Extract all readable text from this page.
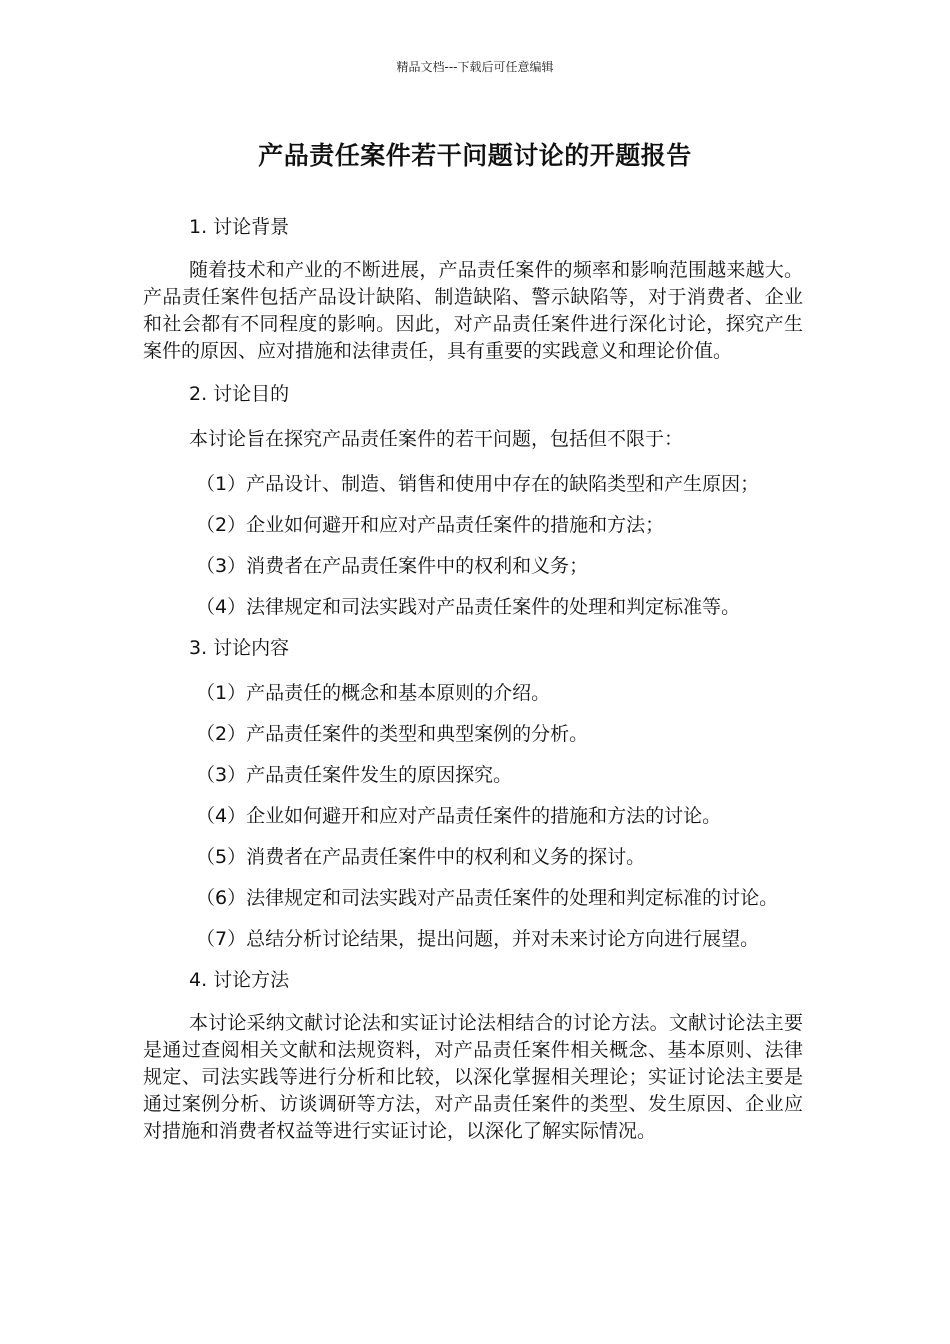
精品文档---下载后可任意编辑
产品责任案件若干问题讨论的开题报告
1. 讨论背景
随着技术和产业的不断进展，产品责任案件的频率和影响范围越来越大。产品责任案件包括产品设计缺陷、制造缺陷、警示缺陷等，对于消费者、企业和社会都有不同程度的影响。因此，对产品责任案件进行深化讨论，探究产生案件的原因、应对措施和法律责任，具有重要的实践意义和理论价值。
2. 讨论目的
本讨论旨在探究产品责任案件的若干问题，包括但不限于：
（1）产品设计、制造、销售和使用中存在的缺陷类型和产生原因；
（2）企业如何避开和应对产品责任案件的措施和方法；
（3）消费者在产品责任案件中的权利和义务；
（4）法律规定和司法实践对产品责任案件的处理和判定标准等。
3. 讨论内容
（1）产品责任的概念和基本原则的介绍。
（2）产品责任案件的类型和典型案例的分析。
（3）产品责任案件发生的原因探究。
（4）企业如何避开和应对产品责任案件的措施和方法的讨论。
（5）消费者在产品责任案件中的权利和义务的探讨。
（6）法律规定和司法实践对产品责任案件的处理和判定标准的讨论。
（7）总结分析讨论结果，提出问题，并对未来讨论方向进行展望。
4. 讨论方法
本讨论采纳文献讨论法和实证讨论法相结合的讨论方法。文献讨论法主要是通过查阅相关文献和法规资料，对产品责任案件相关概念、基本原则、法律规定、司法实践等进行分析和比较，以深化掌握相关理论；实证讨论法主要是通过案例分析、访谈调研等方法，对产品责任案件的类型、发生原因、企业应对措施和消费者权益等进行实证讨论，以深化了解实际情况。
